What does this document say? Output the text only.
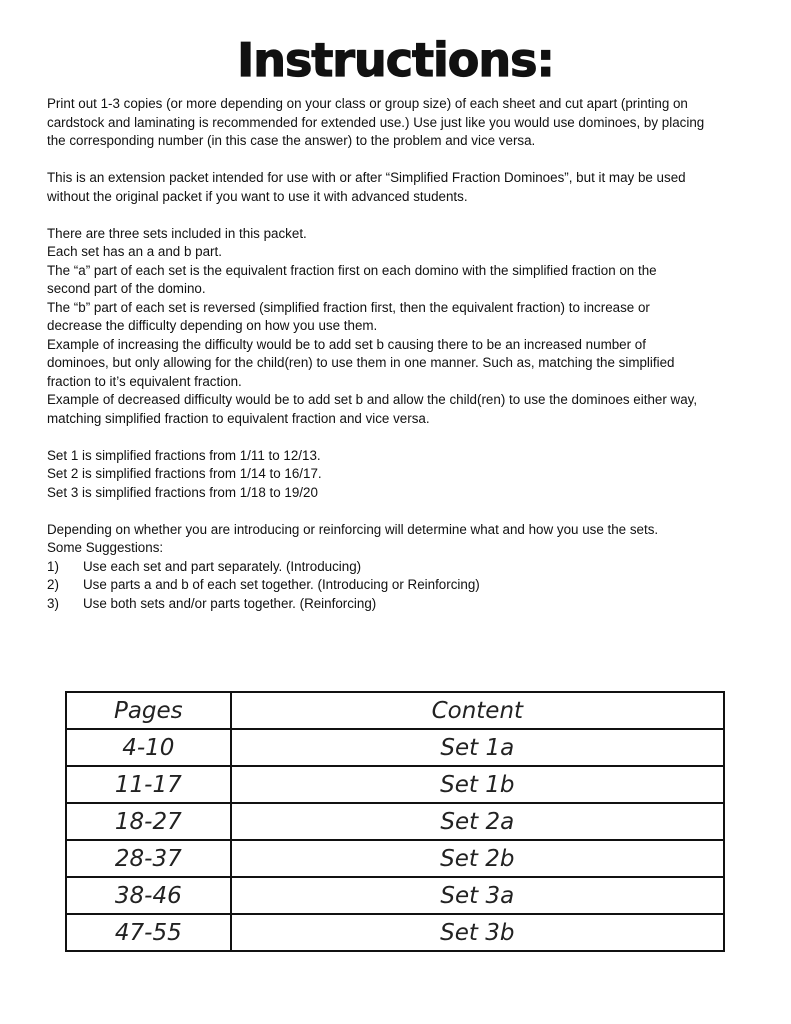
Instructions:
Print out 1-3 copies (or more depending on your class or group size) of each sheet and cut apart (printing on
cardstock and laminating is recommended for extended use.) Use just like you would use dominoes, by placing
the corresponding number (in this case the answer) to the problem and vice versa.
This is an extension packet intended for use with or after “Simplified Fraction Dominoes”, but it may be used
without the original packet if you want to use it with advanced students.
There are three sets included in this packet.
Each set has an a and b part.
The “a” part of each set is the equivalent fraction first on each domino with the simplified fraction on the
second part of the domino.
The “b” part of each set is reversed (simplified fraction first, then the equivalent fraction) to increase or
decrease the difficulty depending on how you use them.
Example of increasing the difficulty would be to add set b causing there to be an increased number of
dominoes, but only allowing for the child(ren) to use them in one manner. Such as, matching the simplified
fraction to it’s equivalent fraction.
Example of decreased difficulty would be to add set b and allow the child(ren) to use the dominoes either way,
matching simplified fraction to equivalent fraction and vice versa.
Set 1 is simplified fractions from 1/11 to 12/13.
Set 2 is simplified fractions from 1/14 to 16/17.
Set 3 is simplified fractions from 1/18 to 19/20
Depending on whether you are introducing or reinforcing will determine what and how you use the sets.
Some Suggestions:
1)	Use each set and part separately. (Introducing)
2)	Use parts a and b of each set together. (Introducing or Reinforcing)
3)	Use both sets and/or parts together. (Reinforcing)
Pages	Content
4-10	Set 1a
11-17	Set 1b
18-27	Set 2a
28-37	Set 2b
38-46	Set 3a
47-55	Set 3b
